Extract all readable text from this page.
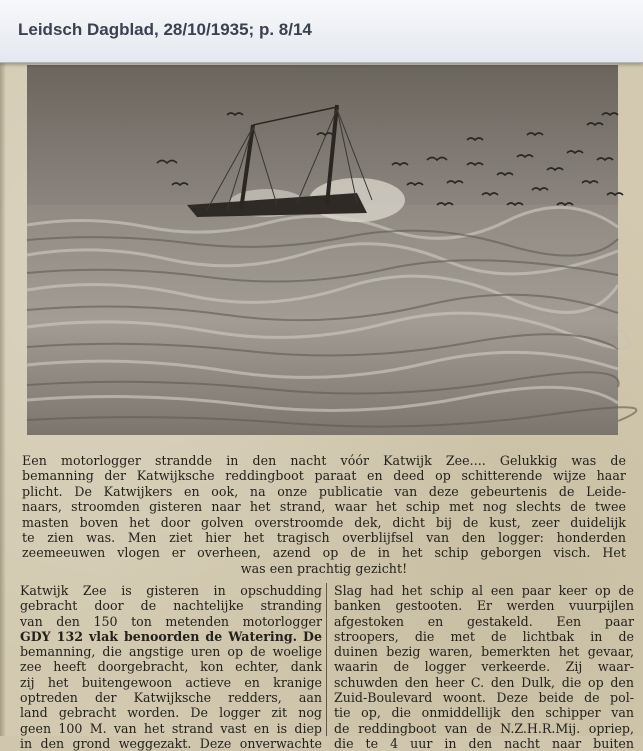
Leidsch Dagblad, 28/10/1935; p. 8/14
Een motorlogger strandde in den nacht vóór Katwijk Zee.... Gelukkig was de
bemanning der Katwijksche reddingboot paraat en deed op schitterende wijze haar
plicht. De Katwijkers en ook, na onze publicatie van deze gebeurtenis de Leide-
naars, stroomden gisteren naar het strand, waar het schip met nog slechts de twee
masten boven het door golven overstroomde dek, dicht bij de kust, zeer duidelijk
te zien was. Men ziet hier het tragisch overblijfsel van den logger: honderden
zeemeeuwen vlogen er overheen, azend op de in het schip geborgen visch. Het
was een prachtig gezicht!
Katwijk Zee is gisteren in opschudding
gebracht door de nachtelijke stranding
van den 150 ton metenden motorlogger
GDY 132 vlak benoorden de Watering. De
bemanning, die angstige uren op de woelige
zee heeft doorgebracht, kon echter, dank
zij het buitengewoon actieve en kranige
optreden der Katwijksche redders, aan
land gebracht worden. De logger zit nog
geen 100 M. van het strand vast en is diep
in den grond weggezakt. Deze onverwachte
Slag had het schip al een paar keer op de
banken gestooten. Er werden vuurpijlen
afgestoken en gestakeld. Een paar
stroopers, die met de lichtbak in de
duinen bezig waren, bemerkten het gevaar,
waarin de logger verkeerde. Zij waar-
schuwden den heer C. den Dulk, die op den
Zuid-Boulevard woont. Deze beide de pol-
tie op, die onmiddellijk den schipper van
de reddingboot van de N.Z.H.R.Mij. opriep,
die te 4 uur in den nacht naar buiten
